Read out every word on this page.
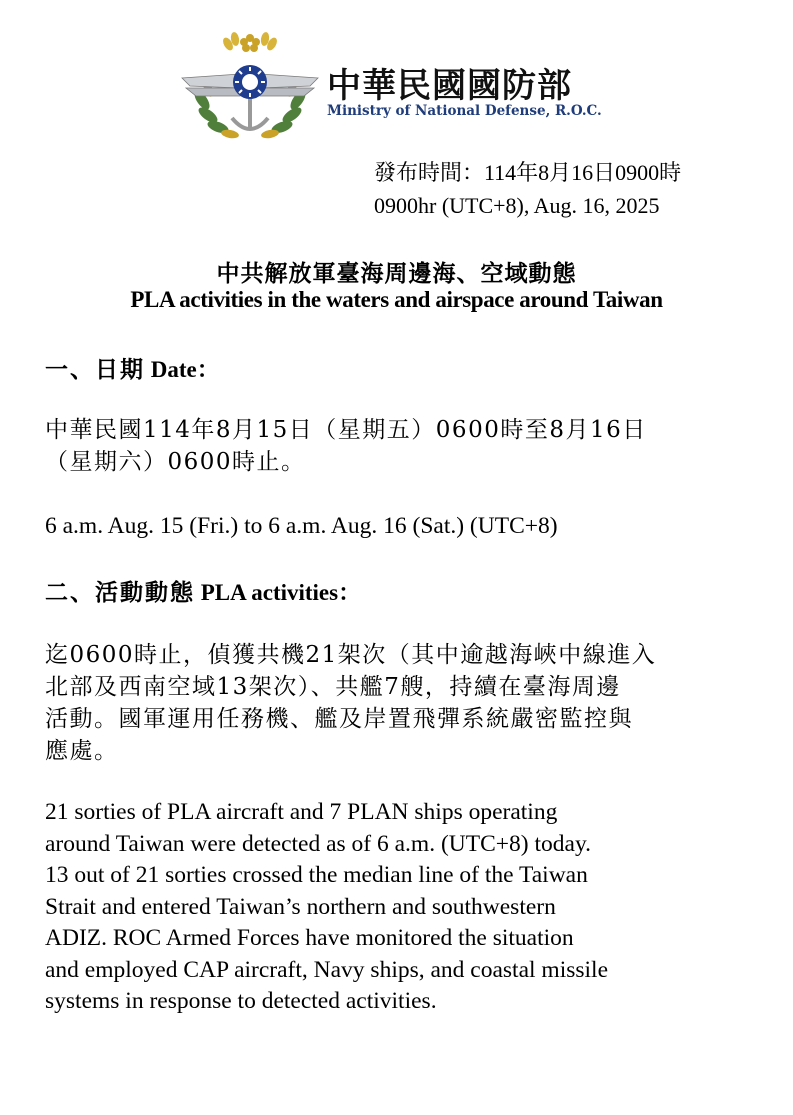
中華民國國防部
Ministry of National Defense, R.O.C.
發布時間：114年8月16日0900時
0900hr (UTC+8), Aug. 16, 2025
中共解放軍臺海周邊海、空域動態
PLA activities in the waters and airspace around Taiwan
一、日期 Date：
中華民國114年8月15日（星期五）0600時至8月16日
（星期六）0600時止。
6 a.m. Aug. 15 (Fri.) to 6 a.m. Aug. 16 (Sat.) (UTC+8)
二、活動動態 PLA activities：
迄0600時止，偵獲共機21架次（其中逾越海峽中線進入
北部及西南空域13架次）、共艦7艘，持續在臺海周邊
活動。國軍運用任務機、艦及岸置飛彈系統嚴密監控與
應處。
21 sorties of PLA aircraft and 7 PLAN ships operating
around Taiwan were detected as of 6 a.m. (UTC+8) today.
13 out of 21 sorties crossed the median line of the Taiwan
Strait and entered Taiwan’s northern and southwestern
ADIZ. ROC Armed Forces have monitored the situation
and employed CAP aircraft, Navy ships, and coastal missile
systems in response to detected activities.
